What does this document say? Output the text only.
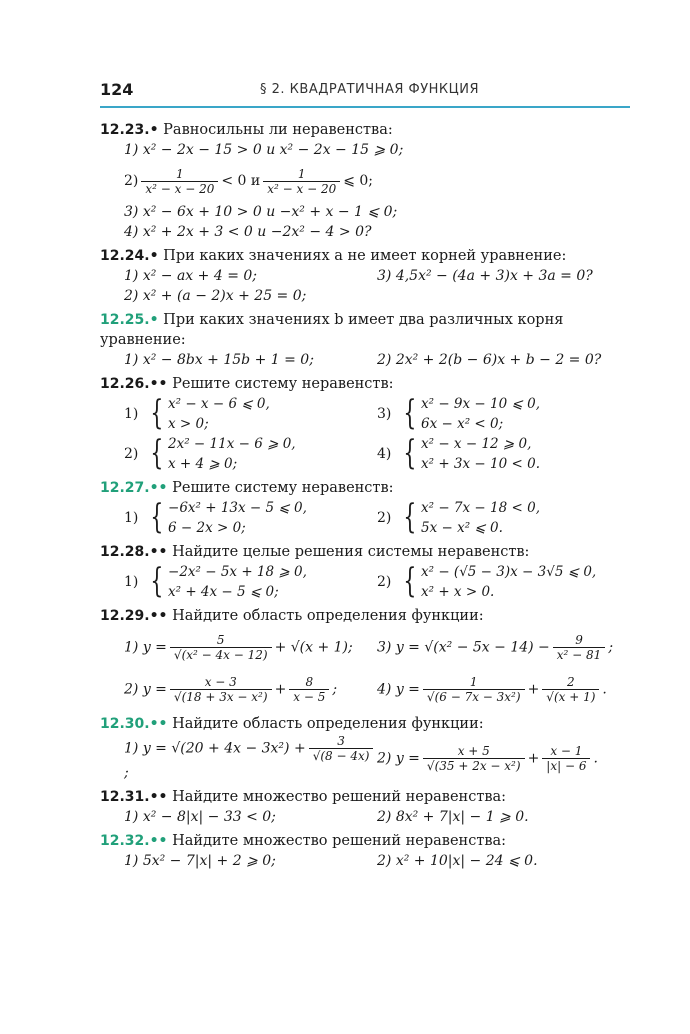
124	§ 2. КВАДРАТИЧНАЯ ФУНКЦИЯ
12.23.• Равносильны ли неравенства:
1) x² − 2x − 15 > 0 и x² − 2x − 15 ⩾ 0;
$2) \frac{1}{\text{x² − x − 20}} < 0$ и $\frac{1}{\text{x² − x − 20}}$ ⩽ 0;
3) x² − 6x + 10 > 0 и −x² + x − 1 ⩽ 0;
4) x² + 2x + 3 < 0 и −2x² − 4 > 0?
12.24.• При каких значениях a не имеет корней уравнение:
1) x² − ax + 4 = 0;	3) 4,5x² − (4a + 3)x + 3a = 0?
2) x² + (a − 2)x + 25 = 0;
12.25.• При каких значениях b имеет два различных корня уравнение:
1) x² − 8bx + 15b + 1 = 0;	2) 2x² + 2(b − 6)x + b − 2 = 0?
12.26.•• Решите систему неравенств:
1) { x² − x − 6 ⩽ 0,
x > 0;
3) { x² − 9x − 10 ⩽ 0,
6x − x² < 0;
2) { 2x² − 11x − 6 ⩾ 0,
x + 4 ⩾ 0;
4) { x² − x − 12 ⩾ 0,
x² + 3x − 10 < 0.
12.27.•• Решите систему неравенств:
1) { −6x² + 13x − 5 ⩽ 0,
6 − 2x > 0;
2) { x² − 7x − 18 < 0,
5x − x² ⩽ 0.
12.28.•• Найдите целые решения системы неравенств:
1) { −2x² − 5x + 18 ⩾ 0,
x² + 4x − 5 ⩽ 0;
2) { x² − (√5 − 3)x − 3√5 ⩽ 0,
x² + x > 0.
12.29.•• Найдите область определения функции:
1) $y = \frac{5}{\text{√(x² − 4x − 12)}} + √(x + 1)$;	3) $y = √(x^2 - 5x - 14) - \frac{9}{\text{x² − 81}}$ ;
2) $y = \frac{x - 3}{\text{√(18 + 3x − x²)}} + \frac{8}{x - 5}$ ;	4) $y = \frac{1}{\text{√(6 − 7x − 3x²)}} + \frac{2}{√(x + 1)}$ .
12.30.•• Найдите область определения функции:
1) $y = √(20 + 4x - 3x^2) + \frac{3}{√(8 - 4x)}$
;
2) $y = \frac{x + 5}{\text{√(35 + 2x − x²)}} + \frac{x - 1}{|x| - 6}$ .
12.31.•• Найдите множество решений неравенства:
1) x² − 8|x| − 33 < 0;	2) 8x² + 7|x| − 1 ⩾ 0.
12.32.•• Найдите множество решений неравенства:
1) 5x² − 7|x| + 2 ⩾ 0;	2) x² + 10|x| − 24 ⩽ 0.
